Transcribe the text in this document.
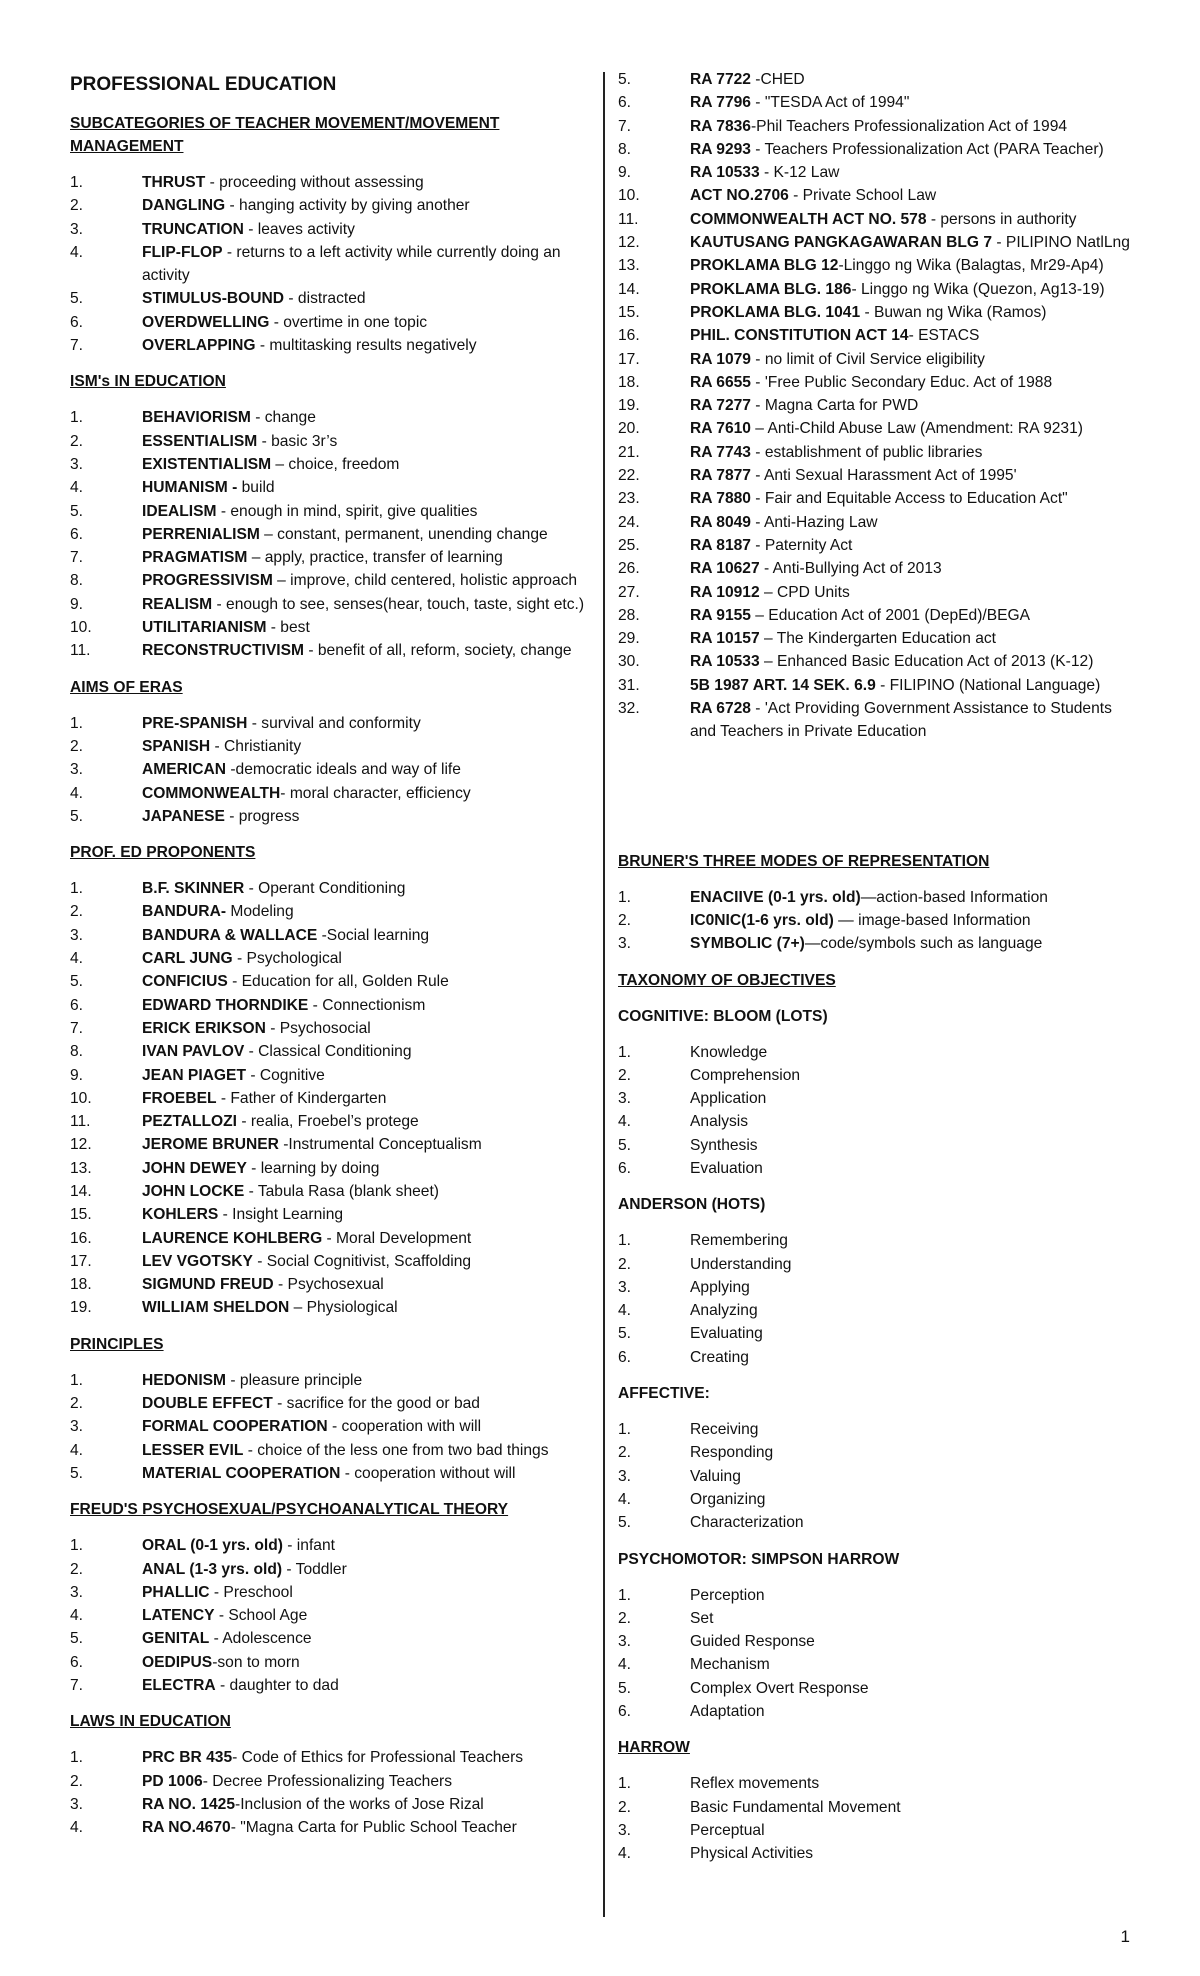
PROFESSIONAL EDUCATION
SUBCATEGORIES OF TEACHER MOVEMENT/MOVEMENT MANAGEMENT
1.	THRUST - proceeding without assessing
2.	DANGLING - hanging activity by giving another
3.	TRUNCATION - leaves activity
4.	FLIP-FLOP - returns to a left activity while currently doing an activity
5.	STIMULUS-BOUND - distracted
6.	OVERDWELLING - overtime in one topic
7.	OVERLAPPING - multitasking results negatively
ISM's IN EDUCATION
1.	BEHAVIORISM - change
2.	ESSENTIALISM - basic 3r’s
3.	EXISTENTIALISM – choice, freedom
4.	HUMANISM - build
5.	IDEALISM - enough in mind, spirit, give qualities
6.	PERRENIALISM – constant, permanent, unending change
7.	PRAGMATISM – apply, practice, transfer of learning
8.	PROGRESSIVISM – improve, child centered, holistic approach
9.	REALISM - enough to see, senses(hear, touch, taste, sight etc.)
10.	UTILITARIANISM - best
11.	RECONSTRUCTIVISM - benefit of all, reform, society, change
AIMS OF ERAS
1.	PRE-SPANISH - survival and conformity
2.	SPANISH - Christianity
3.	AMERICAN -democratic ideals and way of life
4.	COMMONWEALTH- moral character, efficiency
5.	JAPANESE - progress
PROF. ED PROPONENTS
1.	B.F. SKINNER - Operant Conditioning
2.	BANDURA- Modeling
3.	BANDURA & WALLACE -Social learning
4.	CARL JUNG - Psychological
5.	CONFICIUS - Education for all, Golden Rule
6.	EDWARD THORNDIKE - Connectionism
7.	ERICK ERIKSON - Psychosocial
8.	IVAN PAVLOV - Classical Conditioning
9.	JEAN PIAGET - Cognitive
10.	FROEBEL - Father of Kindergarten
11.	PEZTALLOZI - realia, Froebel’s protege
12.	JEROME BRUNER -Instrumental Conceptualism
13.	JOHN DEWEY - learning by doing
14.	JOHN LOCKE - Tabula Rasa (blank sheet)
15.	KOHLERS - Insight Learning
16.	LAURENCE KOHLBERG - Moral Development
17.	LEV VGOTSKY - Social Cognitivist, Scaffolding
18.	SIGMUND FREUD - Psychosexual
19.	WILLIAM SHELDON – Physiological
PRINCIPLES
1.	HEDONISM - pleasure principle
2.	DOUBLE EFFECT - sacrifice for the good or bad
3.	FORMAL COOPERATION - cooperation with will
4.	LESSER EVIL - choice of the less one from two bad things
5.	MATERIAL COOPERATION - cooperation without will
FREUD'S PSYCHOSEXUAL/PSYCHOANALYTICAL THEORY
1.	ORAL (0-1 yrs. old) - infant
2.	ANAL (1-3 yrs. old) - Toddler
3.	PHALLIC - Preschool
4.	LATENCY - School Age
5.	GENITAL - Adolescence
6.	OEDIPUS-son to morn
7.	ELECTRA - daughter to dad
LAWS IN EDUCATION
1.	PRC BR 435- Code of Ethics for Professional Teachers
2.	PD 1006- Decree Professionalizing Teachers
3.	RA NO. 1425-Inclusion of the works of Jose Rizal
4.	RA NO.4670- "Magna Carta for Public School Teacher
5.	RA 7722 -CHED
6.	RA 7796 - "TESDA Act of 1994"
7.	RA 7836-Phil Teachers Professionalization Act of 1994
8.	RA 9293 - Teachers Professionalization Act (PARA Teacher)
9.	RA 10533 - K-12 Law
10.	ACT NO.2706 - Private School Law
11.	COMMONWEALTH ACT NO. 578 - persons in authority
12.	KAUTUSANG PANGKAGAWARAN BLG 7 - PILIPINO NatlLng
13.	PROKLAMA BLG 12-Linggo ng Wika (Balagtas, Mr29-Ap4)
14.	PROKLAMA BLG. 186- Linggo ng Wika (Quezon, Ag13-19)
15.	PROKLAMA BLG. 1041 - Buwan ng Wika (Ramos)
16.	PHIL. CONSTITUTION ACT 14- ESTACS
17.	RA 1079 - no limit of Civil Service eligibility
18.	RA 6655 - 'Free Public Secondary Educ. Act of 1988
19.	RA 7277 - Magna Carta for PWD
20.	RA 7610 – Anti-Child Abuse Law (Amendment: RA 9231)
21.	RA 7743 - establishment of public libraries
22.	RA 7877 - Anti Sexual Harassment Act of 1995'
23.	RA 7880 - Fair and Equitable Access to Education Act"
24.	RA 8049 - Anti-Hazing Law
25.	RA 8187 - Paternity Act
26.	RA 10627 - Anti-Bullying Act of 2013
27.	RA 10912 – CPD Units
28.	RA 9155 – Education Act of 2001 (DepEd)/BEGA
29.	RA 10157 – The Kindergarten Education act
30.	RA 10533 – Enhanced Basic Education Act of 2013 (K-12)
31.	5B 1987 ART. 14 SEK. 6.9 - FILIPINO (National Language)
32.	RA 6728 - 'Act Providing Government Assistance to Students and Teachers in Private Education
BRUNER'S THREE MODES OF REPRESENTATION
1.	ENACIIVE (0-1 yrs. old)—action-based Information
2.	IC0NIC(1-6 yrs. old) — image-based Information
3.	SYMBOLIC (7+)—code/symbols such as language
TAXONOMY OF OBJECTIVES
COGNITIVE: BLOOM (LOTS)
1.	Knowledge
2.	Comprehension
3.	Application
4.	Analysis
5.	Synthesis
6.	Evaluation
ANDERSON (HOTS)
1.	Remembering
2.	Understanding
3.	Applying
4.	Analyzing
5.	Evaluating
6.	Creating
AFFECTIVE:
1.	Receiving
2.	Responding
3.	Valuing
4.	Organizing
5.	Characterization
PSYCHOMOTOR: SIMPSON HARROW
1.	Perception
2.	Set
3.	Guided Response
4.	Mechanism
5.	Complex Overt Response
6.	Adaptation
HARROW
1.	Reflex movements
2.	Basic Fundamental Movement
3.	Perceptual
4.	Physical Activities
1
